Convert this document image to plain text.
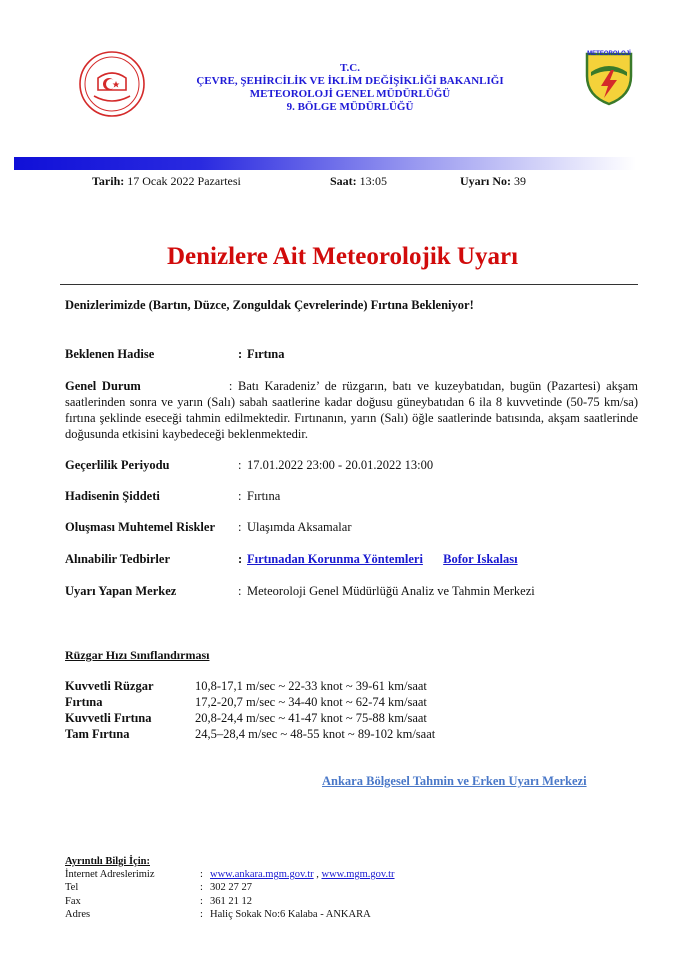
METEOROLOJİ
T.C.
ÇEVRE, ŞEHİRCİLİK VE İKLİM DEĞİŞİKLİĞİ BAKANLIĞI
METEOROLOJİ GENEL MÜDÜRLÜĞÜ
9. BÖLGE MÜDÜRLÜĞÜ
Tarih: 17 Ocak 2022 Pazartesi	Saat: 13:05	Uyarı No: 39
Denizlere Ait Meteorolojik Uyarı
Denizlerimizde (Bartın, Düzce, Zonguldak Çevrelerinde) Fırtına Bekleniyor!
Beklenen Hadise	: Fırtına
Genel Durum	: Batı Karadeniz’ de rüzgarın, batı ve kuzeybatıdan, bugün (Pazartesi) akşam saatlerinden sonra ve yarın (Salı) sabah saatlerine kadar doğusu güneybatıdan 6 ila 8 kuvvetinde (50-75 km/sa) fırtına şeklinde eseceği tahmin edilmektedir. Fırtınanın, yarın (Salı) öğle saatlerinde batısında, akşam saatlerinde doğusunda etkisini kaybedeceği beklenmektedir.
Geçerlilik Periyodu	: 17.01.2022 23:00 - 20.01.2022 13:00
Hadisenin Şiddeti	: Fırtına
Oluşması Muhtemel Riskler : Ulaşımda Aksamalar
Alınabilir Tedbirler	: Fırtınadan Korunma Yöntemleri Bofor Iskalası
Uyarı Yapan Merkez	: Meteoroloji Genel Müdürlüğü Analiz ve Tahmin Merkezi
Rüzgar Hızı Sınıflandırması
Kuvvetli Rüzgar	10,8-17,1 m/sec ~ 22-33 knot ~ 39-61 km/saat
Fırtına	17,2-20,7 m/sec ~ 34-40 knot ~ 62-74 km/saat
Kuvvetli Fırtına	20,8-24,4 m/sec ~ 41-47 knot ~ 75-88 km/saat
Tam Fırtına	24,5–28,4 m/sec ~ 48-55 knot ~ 89-102 km/saat
Ankara Bölgesel Tahmin ve Erken Uyarı Merkezi
Ayrıntılı Bilgi İçin:
İnternet Adreslerimiz	: www.ankara.mgm.gov.tr , www.mgm.gov.tr
Tel	: 302 27 27
Fax	: 361 21 12
Adres	: Haliç Sokak No:6 Kalaba - ANKARA
